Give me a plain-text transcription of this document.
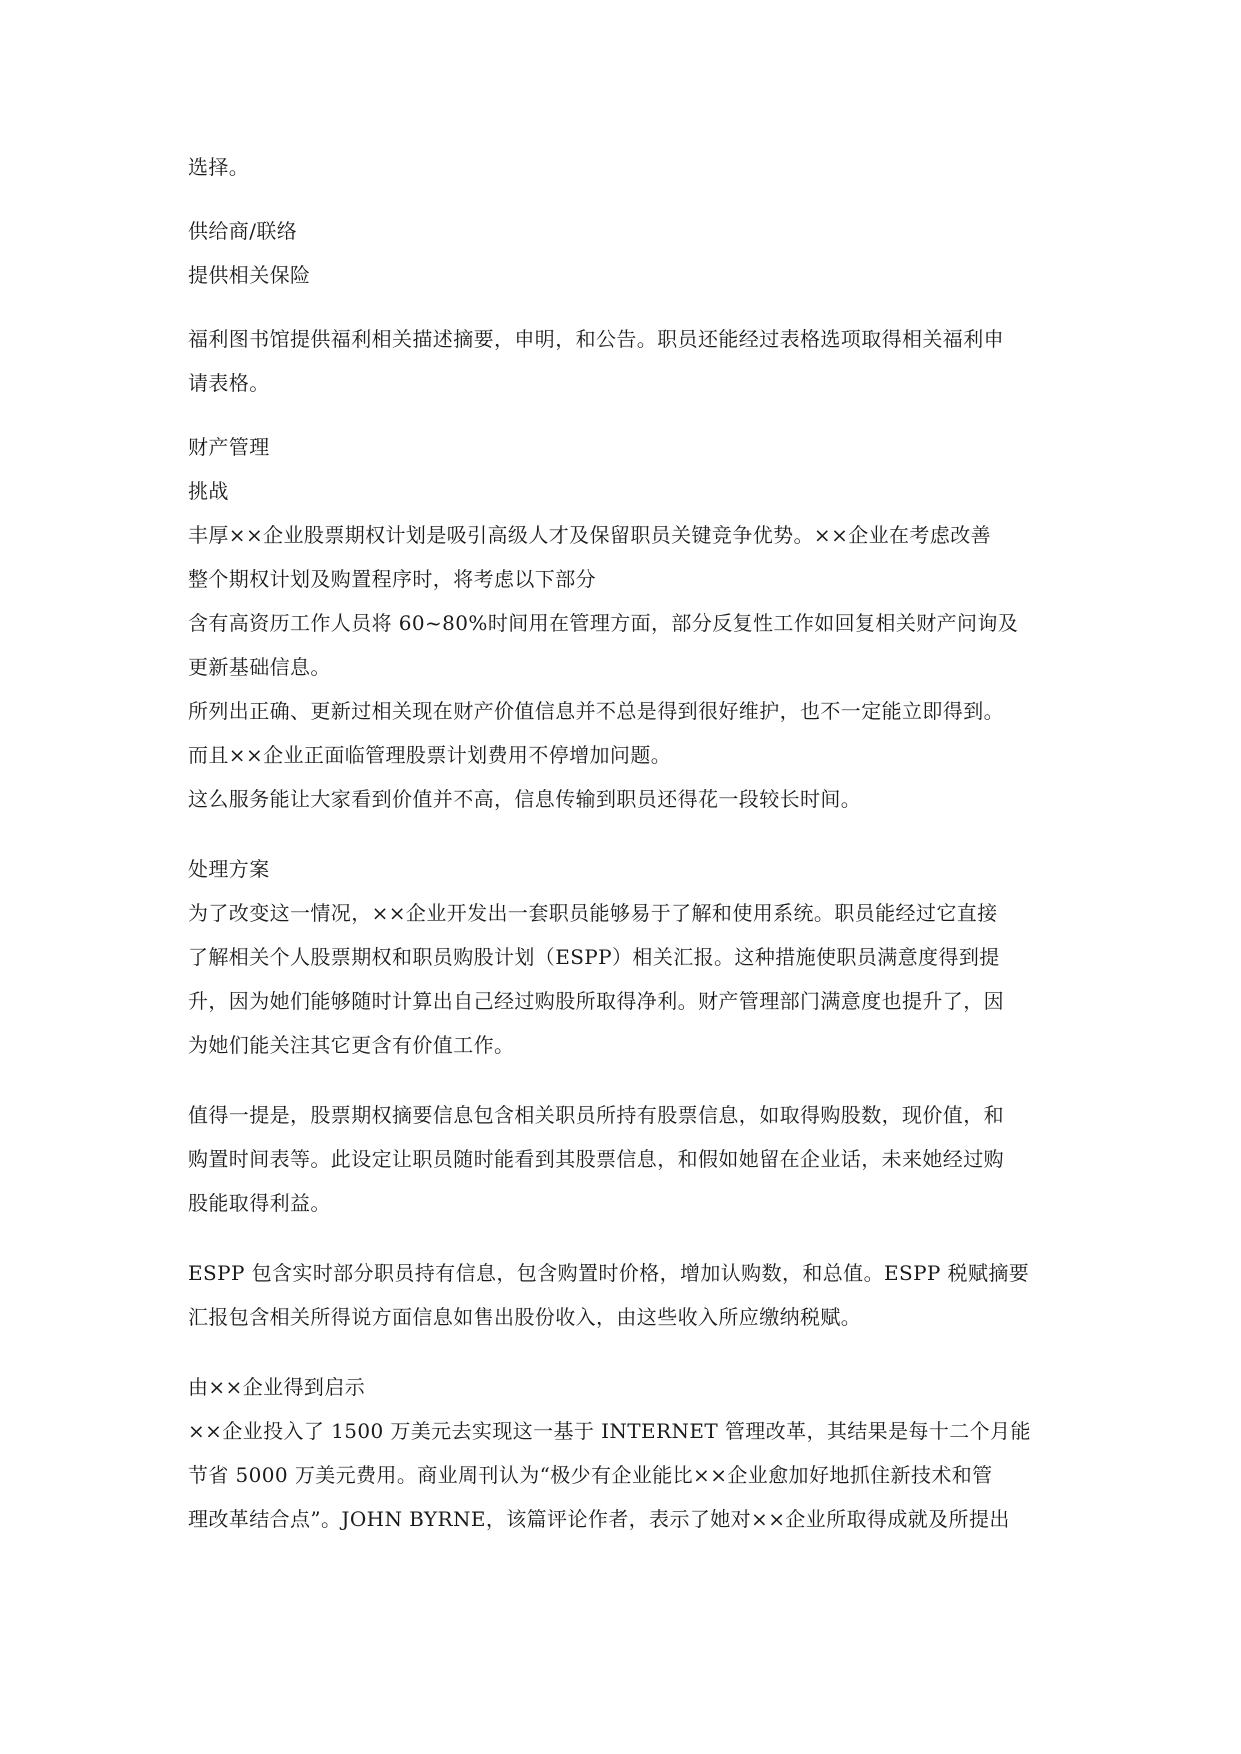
选择。
供给商/联络
提供相关保险
福利图书馆提供福利相关描述摘要，申明，和公告。职员还能经过表格选项取得相关福利申
请表格。
财产管理
挑战
丰厚××企业股票期权计划是吸引高级人才及保留职员关键竞争优势。××企业在考虑改善
整个期权计划及购置程序时，将考虑以下部分
含有高资历工作人员将 60~80%时间用在管理方面，部分反复性工作如回复相关财产问询及
更新基础信息。
所列出正确、更新过相关现在财产价值信息并不总是得到很好维护，也不一定能立即得到。
而且××企业正面临管理股票计划费用不停增加问题。
这么服务能让大家看到价值并不高，信息传输到职员还得花一段较长时间。
处理方案
为了改变这一情况，××企业开发出一套职员能够易于了解和使用系统。职员能经过它直接
了解相关个人股票期权和职员购股计划（ESPP）相关汇报。这种措施使职员满意度得到提
升，因为她们能够随时计算出自己经过购股所取得净利。财产管理部门满意度也提升了，因
为她们能关注其它更含有价值工作。
值得一提是，股票期权摘要信息包含相关职员所持有股票信息，如取得购股数，现价值，和
购置时间表等。此设定让职员随时能看到其股票信息，和假如她留在企业话，未来她经过购
股能取得利益。
ESPP 包含实时部分职员持有信息，包含购置时价格，增加认购数，和总值。ESPP 税赋摘要
汇报包含相关所得说方面信息如售出股份收入，由这些收入所应缴纳税赋。
由××企业得到启示
××企业投入了 1500 万美元去实现这一基于 INTERNET 管理改革，其结果是每十二个月能
节省 5000 万美元费用。商业周刊认为“极少有企业能比××企业愈加好地抓住新技术和管
理改革结合点”。JOHN BYRNE，该篇评论作者，表示了她对××企业所取得成就及所提出
